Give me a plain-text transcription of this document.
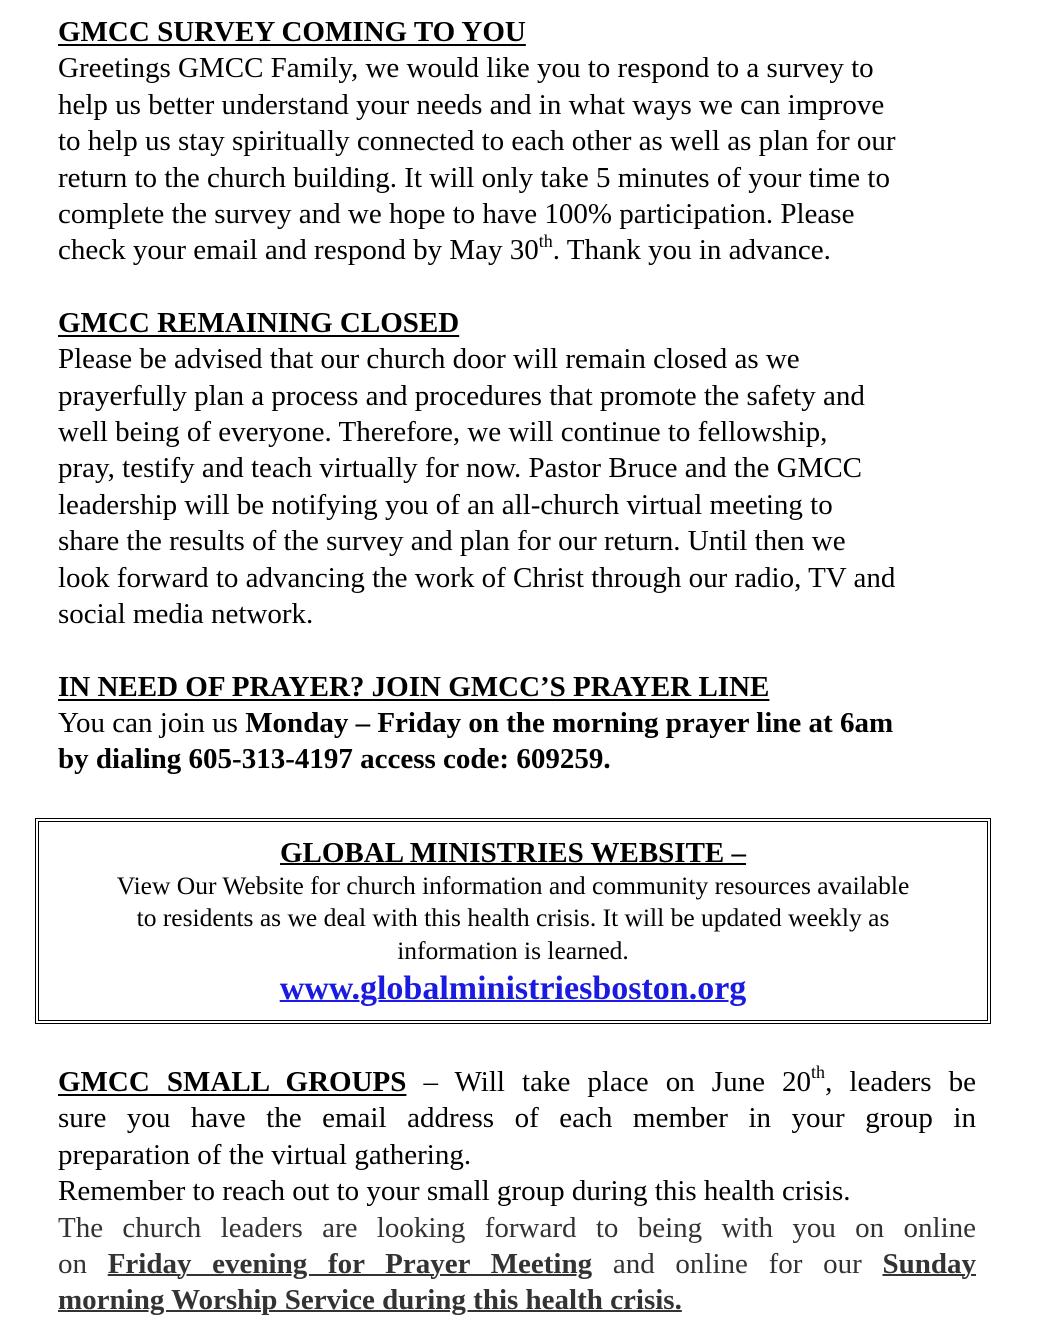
GMCC SURVEY COMING TO YOU
Greetings GMCC Family, we would like you to respond to a survey to
help us better understand your needs and in what ways we can improve
to help us stay spiritually connected to each other as well as plan for our
return to the church building. It will only take 5 minutes of your time to
complete the survey and we hope to have 100% participation. Please
check your email and respond by May 30th. Thank you in advance.
GMCC REMAINING CLOSED
Please be advised that our church door will remain closed as we
prayerfully plan a process and procedures that promote the safety and
well being of everyone. Therefore, we will continue to fellowship,
pray, testify and teach virtually for now. Pastor Bruce and the GMCC
leadership will be notifying you of an all-church virtual meeting to
share the results of the survey and plan for our return. Until then we
look forward to advancing the work of Christ through our radio, TV and
social media network.
IN NEED OF PRAYER? JOIN GMCC’S PRAYER LINE
You can join us Monday – Friday on the morning prayer line at 6am
by dialing 605-313-4197 access code: 609259.
GLOBAL MINISTRIES WEBSITE –
View Our Website for church information and community resources available
to residents as we deal with this health crisis. It will be updated weekly as
information is learned.
www.globalministriesboston.org
GMCC SMALL GROUPS – Will take place on June 20th, leaders be
sure you have the email address of each member in your group in
preparation of the virtual gathering.
Remember to reach out to your small group during this health crisis.
The church leaders are looking forward to being with you on online
on Friday evening for Prayer Meeting and online for our Sunday
morning Worship Service during this health crisis.
